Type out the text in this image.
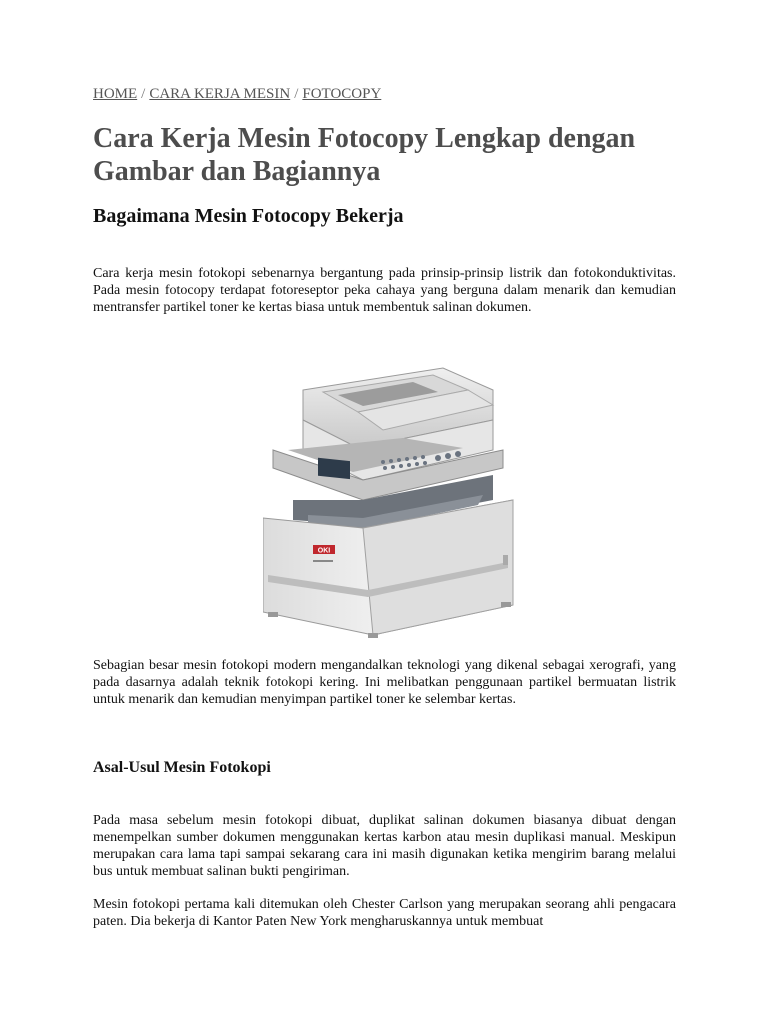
HOME / CARA KERJA MESIN / FOTOCOPY
Cara Kerja Mesin Fotocopy Lengkap dengan Gambar dan Bagiannya
Bagaimana Mesin Fotocopy Bekerja

Cara kerja mesin fotokopi sebenarnya bergantung pada prinsip-prinsip listrik dan fotokonduktivitas. Pada mesin fotocopy terdapat fotoreseptor peka cahaya yang berguna dalam menarik dan kemudian mentransfer partikel toner ke kertas biasa untuk membentuk salinan dokumen.

OKI

Sebagian besar mesin fotokopi modern mengandalkan teknologi yang dikenal sebagai xerografi, yang pada dasarnya adalah teknik fotokopi kering. Ini melibatkan penggunaan partikel bermuatan listrik untuk menarik dan kemudian menyimpan partikel toner ke selembar kertas.

Asal-Usul Mesin Fotokopi

Pada masa sebelum mesin fotokopi dibuat, duplikat salinan dokumen biasanya dibuat dengan menempelkan sumber dokumen menggunakan kertas karbon atau mesin duplikasi manual. Meskipun merupakan cara lama tapi sampai sekarang cara ini masih digunakan ketika mengirim barang melalui bus untuk membuat salinan bukti pengiriman.

Mesin fotokopi pertama kali ditemukan oleh Chester Carlson yang merupakan seorang ahli pengacara paten. Dia bekerja di Kantor Paten New York mengharuskannya untuk membuat
